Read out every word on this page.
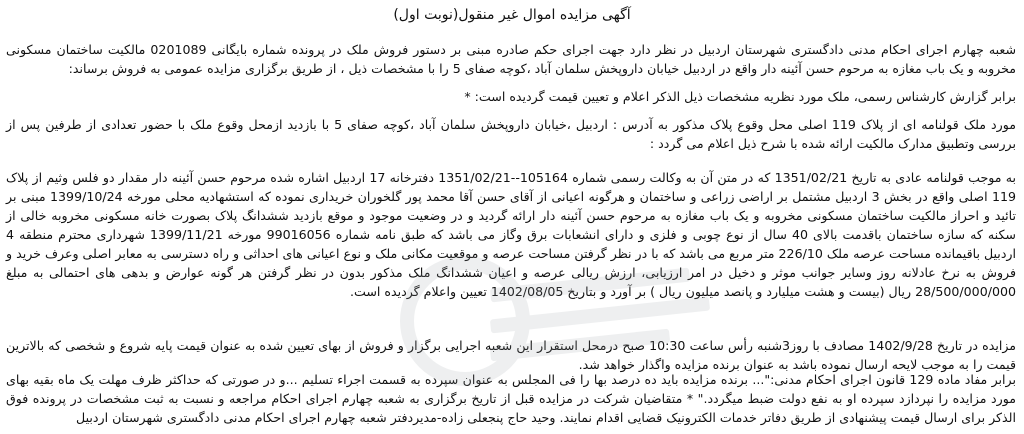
آگهی مزایده اموال غیر منقول(نوبت اول)
شعبه چهارم اجرای احکام مدنی دادگستری شهرستان اردبیل در نظر دارد جهت اجرای حکم صادره مبنی بر دستور فروش ملک در پرونده شماره بایگانی 0201089 مالکیت ساختمان مسکونی مخروبه و یک باب مغازه به مرحوم حسن آئینه دار واقع در اردبیل خیابان داروپخش سلمان آباد ،کوچه صفای 5 را با مشخصات ذیل ، از طریق برگزاری مزایده عمومی به فروش برساند:
برابر گزارش کارشناس رسمی، ملک مورد نظریه مشخصات ذیل الذکر اعلام و تعیین قیمت گردیده است: *
مورد ملک قولنامه ای از پلاک 119 اصلی محل وقوع پلاک مذکور به آدرس : اردبیل ،خیابان داروپخش سلمان آباد ،کوچه صفای 5 با بازدید ازمحل وقوع ملک با حضور تعدادی از طرفین پس از بررسی وتطبیق مدارک مالکیت ارائه شده با شرح ذیل اعلام می گردد :
به موجب قولنامه عادی به تاریخ 1351/02/21 که در متن آن به وکالت رسمی شماره 105164--1351/02/21 دفترخانه 17 اردبیل اشاره شده مرحوم حسن آئینه دار مقدار دو فلس وثیم از پلاک 119 اصلی واقع در بخش 3 اردبیل مشتمل بر اراضی زراعی و ساختمان و هرگونه اعیانی از آقای حسن آقا محمد پور گلخوران خریداری نموده که استشهادیه محلی مورخه 1399/10/24 مبنی بر تائید و احراز مالکیت ساختمان مسکونی مخروبه و یک باب مغازه به مرحوم حسن آئینه دار ارائه گردید و در وضعیت موجود و موقع بازدید ششدانگ پلاک بصورت خانه مسکونی مخروبه خالی از سکنه که سازه ساختمان باقدمت بالای 40 سال از نوع چوبی و فلزی و دارای انشعابات برق وگاز می باشد که طبق نامه شماره 99016056 مورخه 1399/11/21 شهرداری محترم منطقه 4 اردبیل باقیمانده مساحت عرصه ملک 226/10 متر مربع می باشد که با در نظر گرفتن مساحت عرصه و موقعیت مکانی ملک و نوع اعیانی های احداثی و راه دسترسی به معابر اصلی وعرف خرید و فروش به نرخ عادلانه روز وسایر جوانب موثر و دخیل در امر ارزیابی، ارزش ریالی عرصه و اعیان ششدانگ ملک مذکور بدون در نظر گرفتن هر گونه عوارض و بدهی های احتمالی به مبلغ 28/500/000/000 ریال (بیست و هشت میلیارد و پانصد میلیون ریال ) بر آورد و بتاریخ 1402/08/05 تعیین واعلام گردیده است.
مزایده در تاریخ 1402/9/28 مصادف با روز3شنبه رأس ساعت 10:30 صبح درمحل استقرار این شعبه اجرایی برگزار و فروش از بهای تعیین شده به عنوان قیمت پایه شروع و شخصی که بالاترین قیمت را به موجب لایحه ارسال نموده باشد به عنوان برنده مزایده واگذار خواهد شد.
برابر مفاد ماده 129 قانون اجرای احکام مدنی:"... برنده مزایده باید ده درصد بها را فی المجلس به عنوان سپرده به قسمت اجراء تسلیم ...و در صورتی که حداکثر ظرف مهلت یک ماه بقیه بهای مورد مزایده را نپردازد سپرده او به نفع دولت ضبط میگردد." * متقاضیان شرکت در مزایده قبل از تاریخ برگزاری به شعبه چهارم اجرای احکام مراجعه و نسبت به ثبت مشخصات در پرونده فوق الذکر برای ارسال قیمت پیشنهادی از طریق دفاتر خدمات الکترونیک قضایی اقدام نمایند. وحید حاج پنجعلی زاده-مدیردفتر شعبه چهارم اجرای احکام مدنی دادگستری شهرستان اردبیل
